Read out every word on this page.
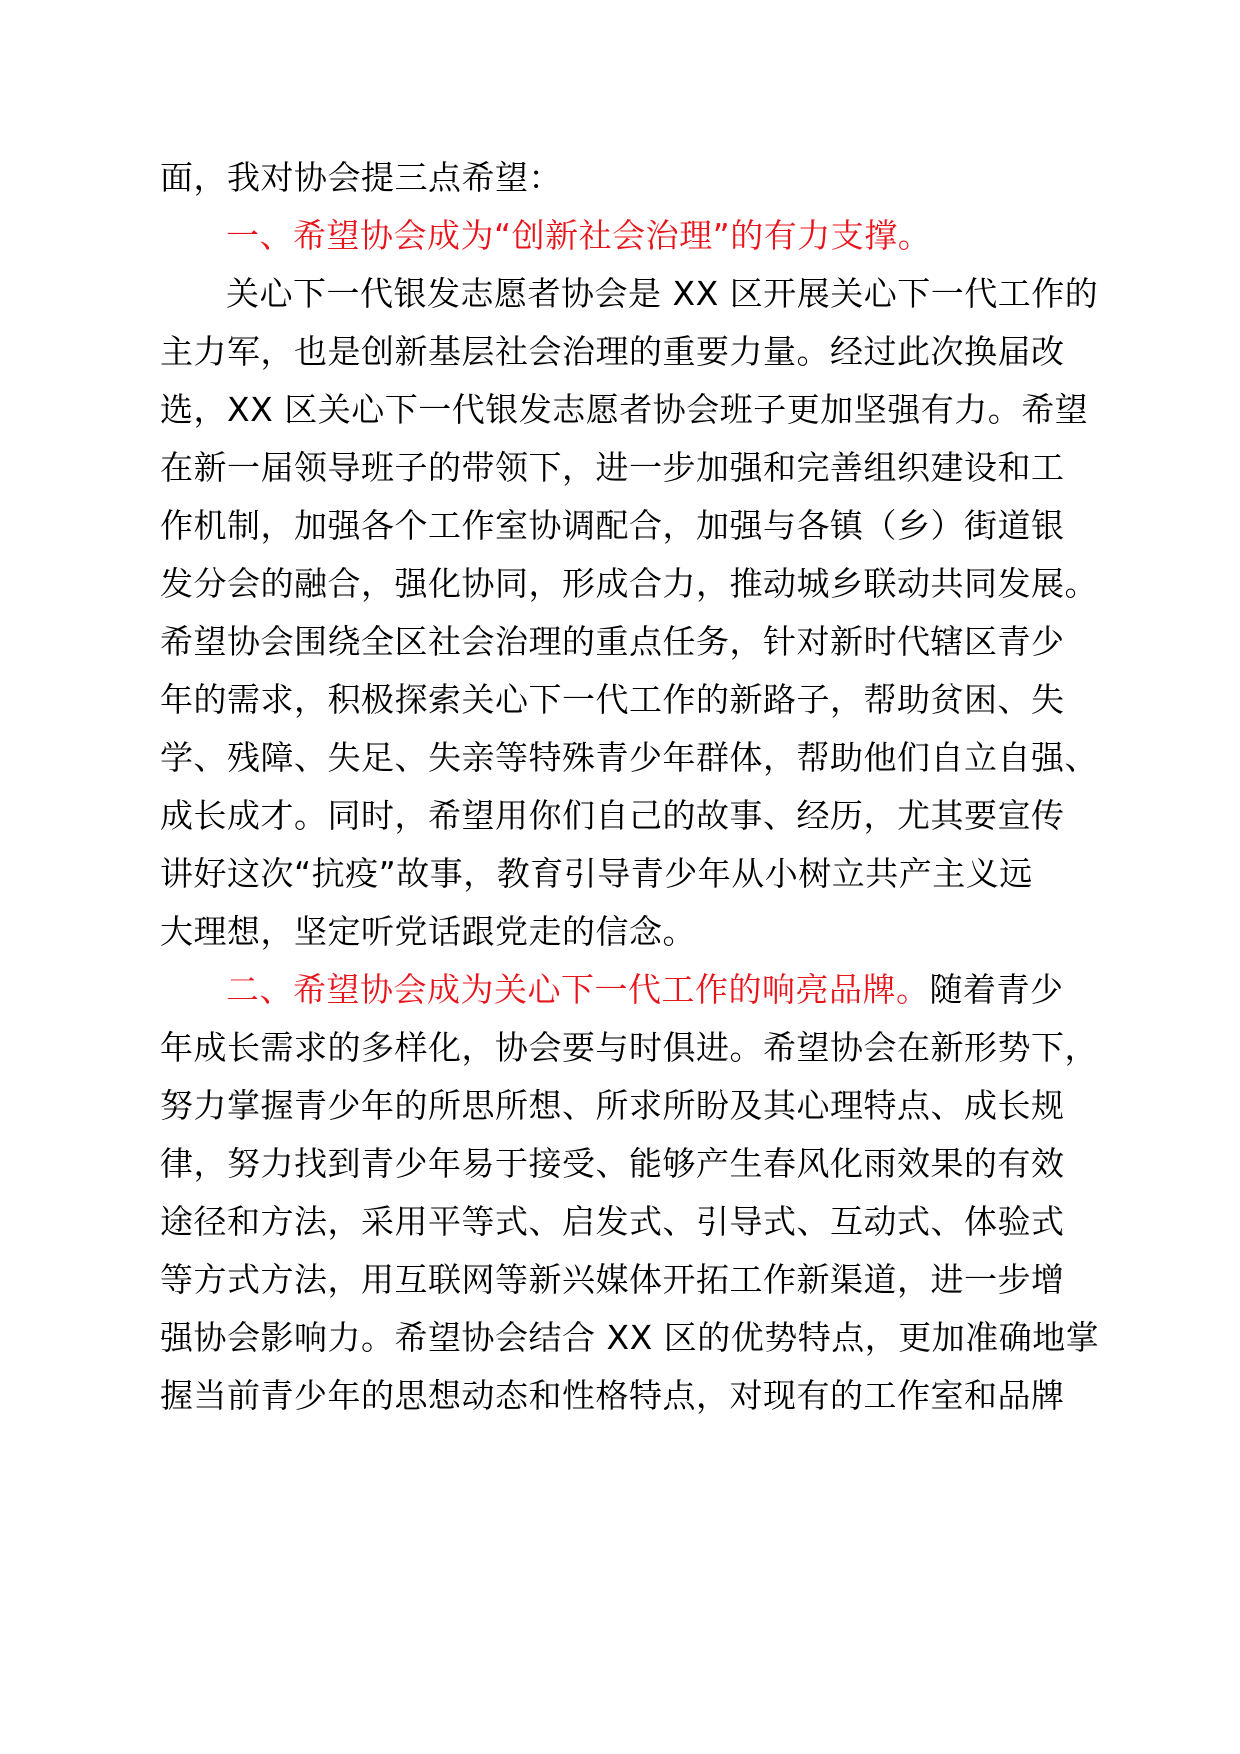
面，我对协会提三点希望：
一、希望协会成为“创新社会治理”的有力支撑。
关心下一代银发志愿者协会是 XX 区开展关心下一代工作的
主力军，也是创新基层社会治理的重要力量。经过此次换届改
选，XX 区关心下一代银发志愿者协会班子更加坚强有力。希望
在新一届领导班子的带领下，进一步加强和完善组织建设和工
作机制，加强各个工作室协调配合，加强与各镇（乡）街道银
发分会的融合，强化协同，形成合力，推动城乡联动共同发展。
希望协会围绕全区社会治理的重点任务，针对新时代辖区青少
年的需求，积极探索关心下一代工作的新路子，帮助贫困、失
学、残障、失足、失亲等特殊青少年群体，帮助他们自立自强、
成长成才。同时，希望用你们自己的故事、经历，尤其要宣传
讲好这次“抗疫”故事，教育引导青少年从小树立共产主义远
大理想，坚定听党话跟党走的信念。
二、希望协会成为关心下一代工作的响亮品牌。随着青少
年成长需求的多样化，协会要与时俱进。希望协会在新形势下，
努力掌握青少年的所思所想、所求所盼及其心理特点、成长规
律，努力找到青少年易于接受、能够产生春风化雨效果的有效
途径和方法，采用平等式、启发式、引导式、互动式、体验式
等方式方法，用互联网等新兴媒体开拓工作新渠道，进一步增
强协会影响力。希望协会结合 XX 区的优势特点，更加准确地掌
握当前青少年的思想动态和性格特点，对现有的工作室和品牌
